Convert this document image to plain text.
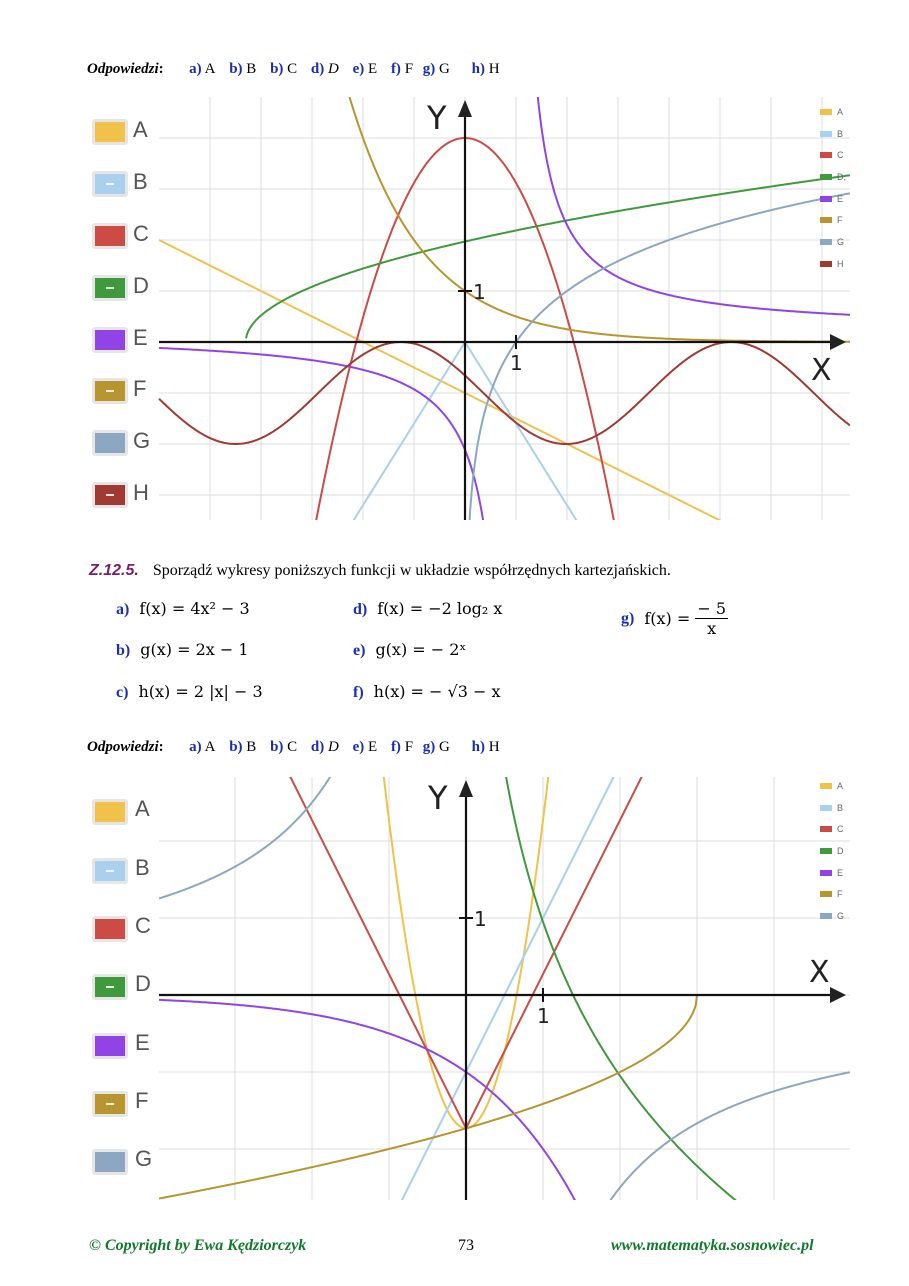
Odpowiedzi: a) A b) B b) C d) D e) E f) F g) G h) H
1
1
Y
X
A
B
C
D
E
F
G
H
A
B
C
D,
E
F
G
H
Z.12.5. Sporządź wykresy poniższych funkcji w układzie współrzędnych kartezjańskich.
a) f(x) = 4x² − 3
b) g(x) = 2x − 1
c) h(x) = 2 |x| − 3
d) f(x) = −2 log₂ x
e) g(x) = − 2ˣ
f) h(x) = − √3 − x
g) $f(x) = \frac{- 5}{x}$
Odpowiedzi: a) A b) B b) C d) D e) E f) F g) G h) H
1
1
Y
X
A
B
C
D
E
F
G
A
B
C
D
E
F
G
© Copyright by Ewa Kędziorczyk	73	www.matematyka.sosnowiec.pl
